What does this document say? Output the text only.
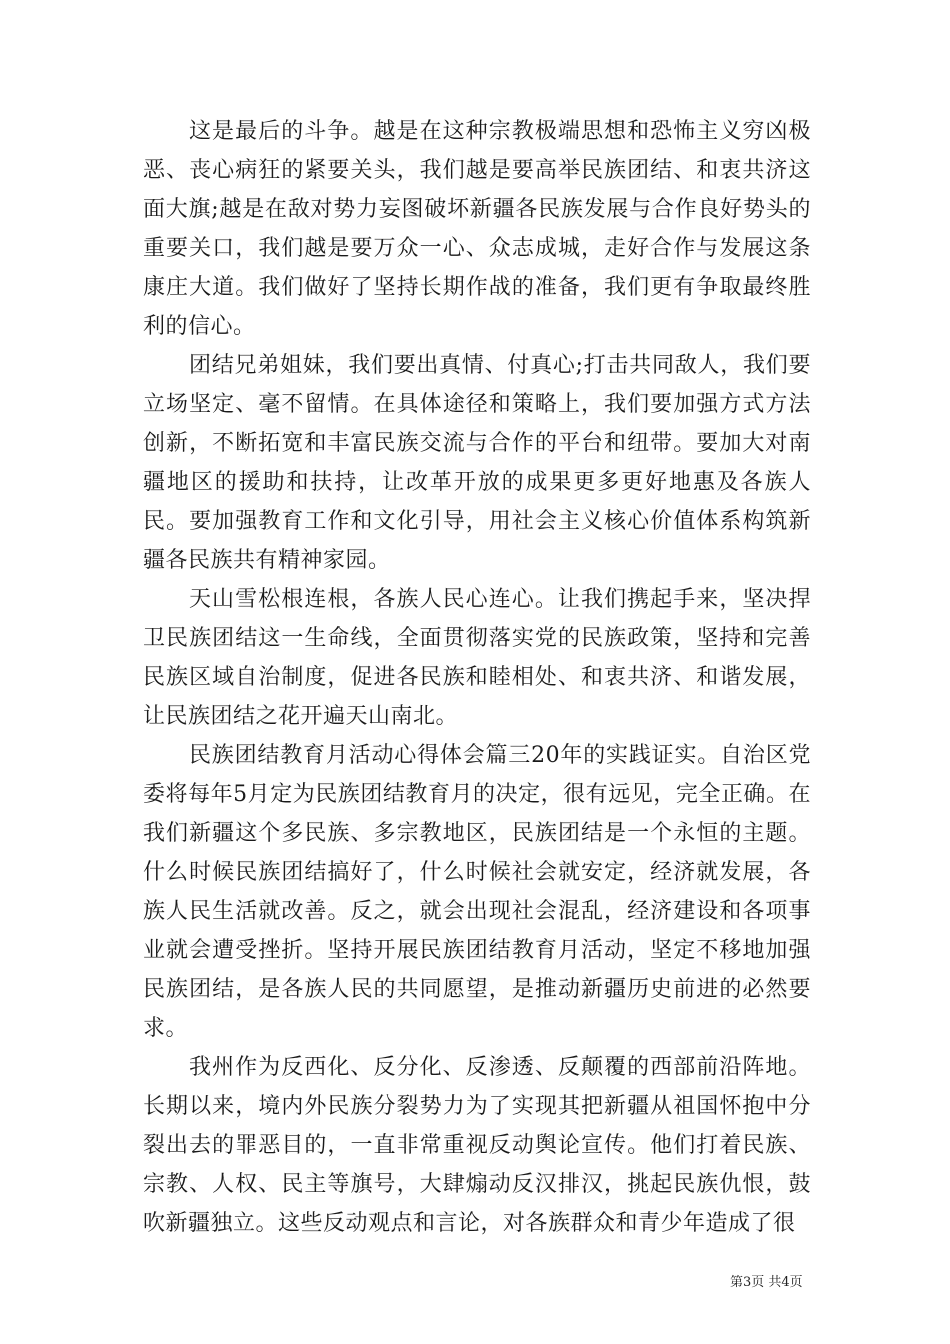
这是最后的斗争。越是在这种宗教极端思想和恐怖主义穷凶极恶、丧心病狂的紧要关头，我们越是要高举民族团结、和衷共济这面大旗;越是在敌对势力妄图破坏新疆各民族发展与合作良好势头的重要关口，我们越是要万众一心、众志成城，走好合作与发展这条康庄大道。我们做好了坚持长期作战的准备，我们更有争取最终胜利的信心。

团结兄弟姐妹，我们要出真情、付真心;打击共同敌人，我们要立场坚定、毫不留情。在具体途径和策略上，我们要加强方式方法创新，不断拓宽和丰富民族交流与合作的平台和纽带。要加大对南疆地区的援助和扶持，让改革开放的成果更多更好地惠及各族人民。要加强教育工作和文化引导，用社会主义核心价值体系构筑新疆各民族共有精神家园。

天山雪松根连根，各族人民心连心。让我们携起手来，坚决捍卫民族团结这一生命线，全面贯彻落实党的民族政策，坚持和完善民族区域自治制度，促进各民族和睦相处、和衷共济、和谐发展，让民族团结之花开遍天山南北。

民族团结教育月活动心得体会篇三20年的实践证实。自治区党委将每年5月定为民族团结教育月的决定，很有远见，完全正确。在我们新疆这个多民族、多宗教地区，民族团结是一个永恒的主题。什么时候民族团结搞好了，什么时候社会就安定，经济就发展，各族人民生活就改善。反之，就会出现社会混乱，经济建设和各项事业就会遭受挫折。坚持开展民族团结教育月活动，坚定不移地加强民族团结，是各族人民的共同愿望，是推动新疆历史前进的必然要求。

我州作为反西化、反分化、反渗透、反颠覆的西部前沿阵地。长期以来，境内外民族分裂势力为了实现其把新疆从祖国怀抱中分裂出去的罪恶目的，一直非常重视反动舆论宣传。他们打着民族、宗教、人权、民主等旗号，大肆煽动反汉排汉，挑起民族仇恨，鼓吹新疆独立。这些反动观点和言论，对各族群众和青少年造成了很

第3页 共4页
